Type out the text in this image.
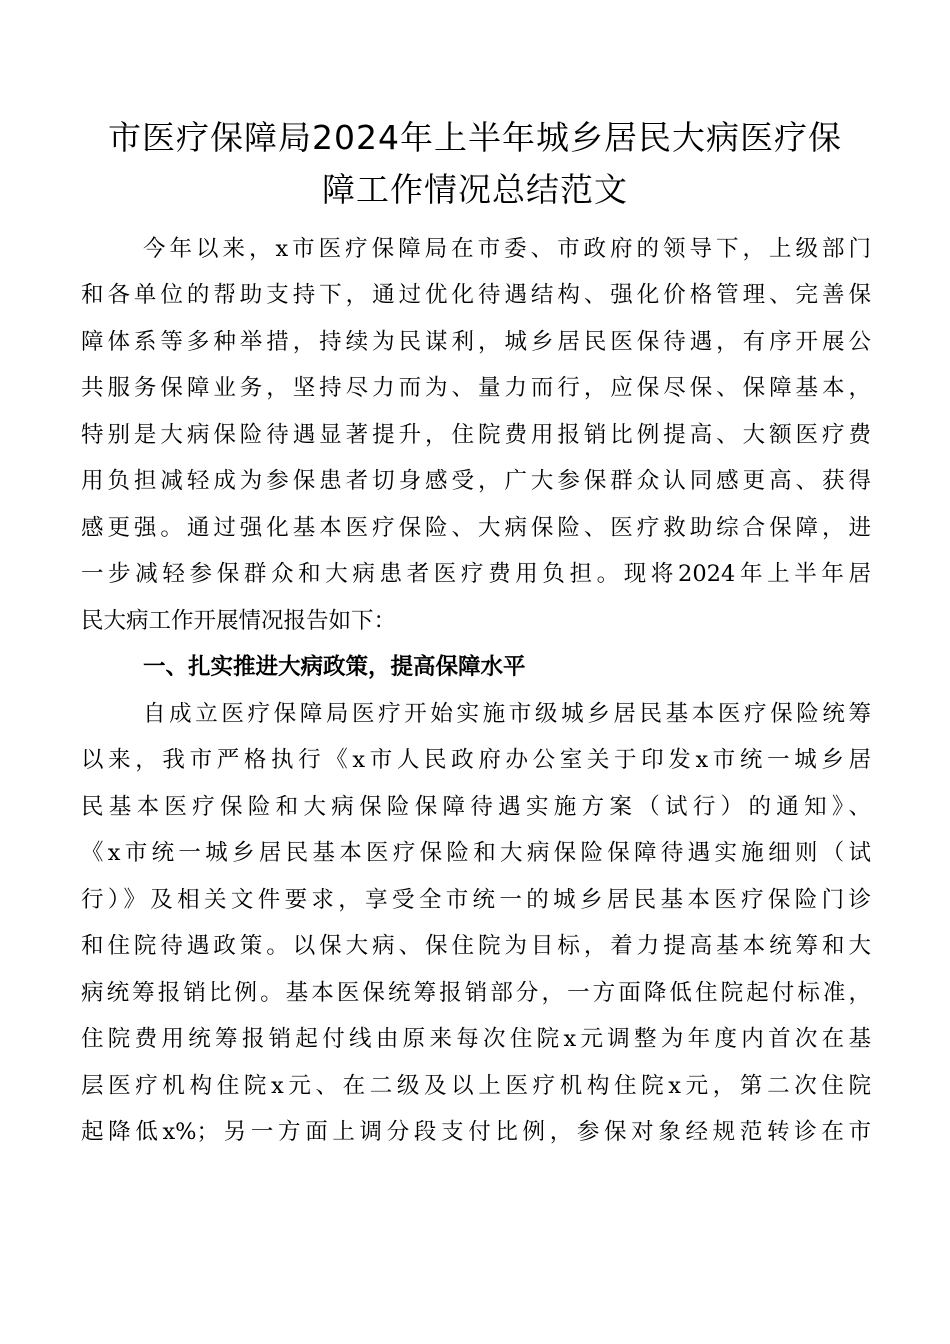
市医疗保障局2024年上半年城乡居民大病医疗保
障工作情况总结范文
今年以来，x市医疗保障局在市委、市政府的领导下，上级部门
和各单位的帮助支持下，通过优化待遇结构、强化价格管理、完善保
障体系等多种举措，持续为民谋利，城乡居民医保待遇，有序开展公
共服务保障业务，坚持尽力而为、量力而行，应保尽保、保障基本，
特别是大病保险待遇显著提升，住院费用报销比例提高、大额医疗费
用负担减轻成为参保患者切身感受，广大参保群众认同感更高、获得
感更强。通过强化基本医疗保险、大病保险、医疗救助综合保障，进
一步减轻参保群众和大病患者医疗费用负担。现将2024年上半年居
民大病工作开展情况报告如下：
一、扎实推进大病政策，提高保障水平
自成立医疗保障局医疗开始实施市级城乡居民基本医疗保险统筹
以来，我市严格执行《x市人民政府办公室关于印发x市统一城乡居
民基本医疗保险和大病保险保障待遇实施方案（试行）的通知》、
《x市统一城乡居民基本医疗保险和大病保险保障待遇实施细则（试
行）》及相关文件要求，享受全市统一的城乡居民基本医疗保险门诊
和住院待遇政策。以保大病、保住院为目标，着力提高基本统筹和大
病统筹报销比例。基本医保统筹报销部分，一方面降低住院起付标准，
住院费用统筹报销起付线由原来每次住院x元调整为年度内首次在基
层医疗机构住院x元、在二级及以上医疗机构住院x元，第二次住院
起降低x%；另一方面上调分段支付比例，参保对象经规范转诊在市
